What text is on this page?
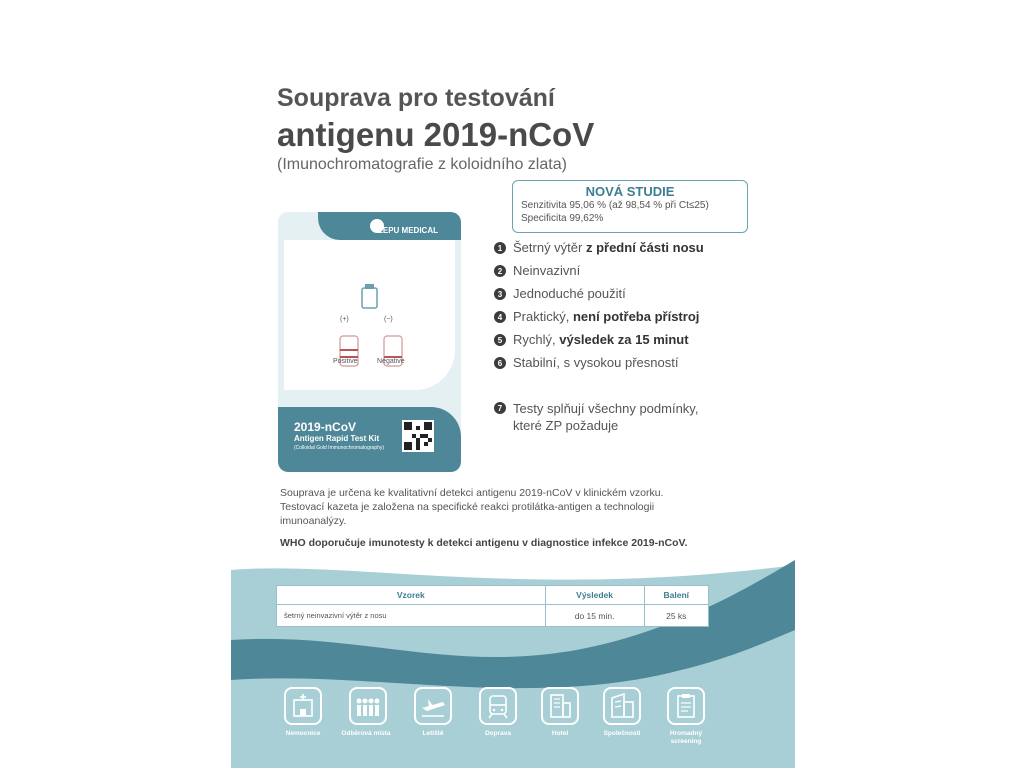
Souprava pro testování
antigenu 2019-nCoV
(Imunochromatografie z koloidního zlata)
NOVÁ STUDIE
Senzitivita 95,06 % (až 98,54 % při Ct≤25)
Specificita 99,62%
LEPU MEDICAL
(+)	(−)
Positive	Negative
2019-nCoV
Antigen Rapid Test Kit
(Colloidal Gold Immunochromatography)
1 Šetrný výtěr z přední části nosu
2 Neinvazivní
3 Jednoduché použití
4 Praktický, není potřeba přístroj
5 Rychlý, výsledek za 15 minut
6 Stabilní, s vysokou přesností
7 Testy splňují všechny podmínky, které ZP požaduje
Souprava je určena ke kvalitativní detekci antigenu 2019-nCoV v klinickém vzorku. Testovací kazeta je založena na specifické reakci protilátka-antigen a technologii imunoanalýzy.
WHO doporučuje imunotesty k detekci antigenu v diagnostice infekce 2019-nCoV.
Vzorek	Výsledek	Balení
šetrný neinvazivní výtěr z nosu	do 15 min.	25 ks
Nemocnice	Odběrová místa	Letiště	Doprava	Hotel	Společnosti	Hromadný screening
